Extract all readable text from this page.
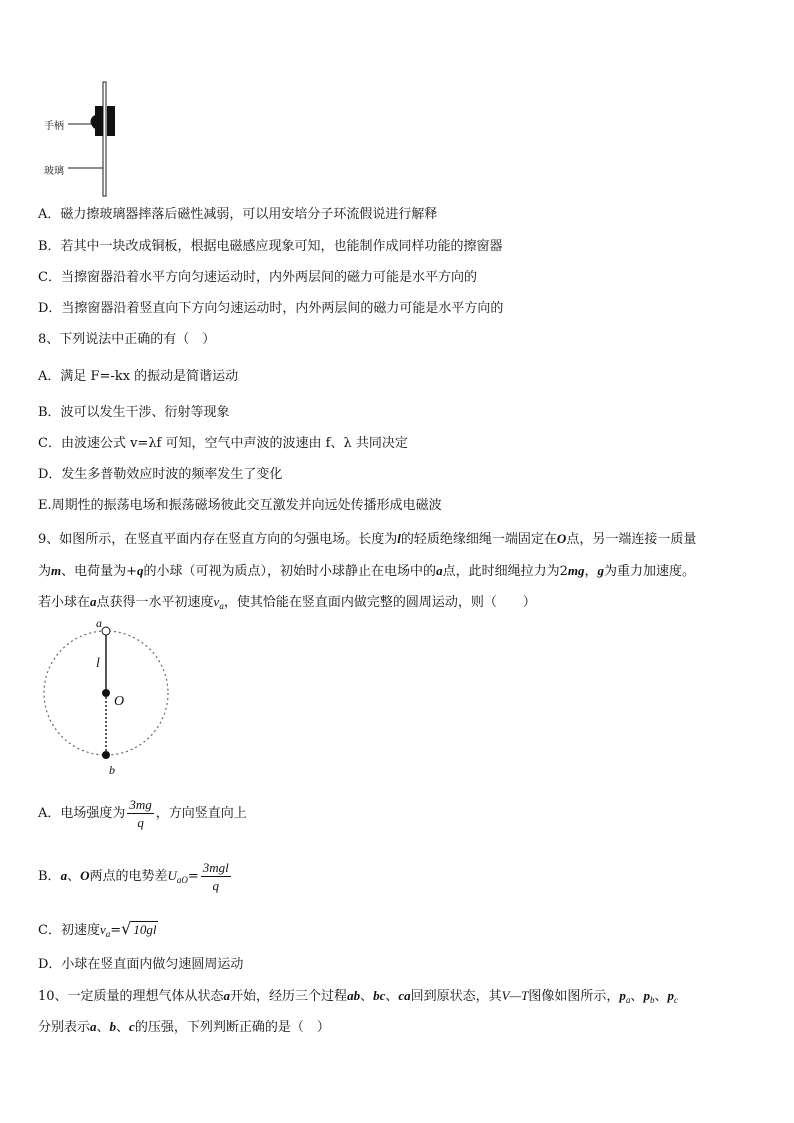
手柄
玻璃
A．磁力擦玻璃器摔落后磁性减弱，可以用安培分子环流假说进行解释
B．若其中一块改成铜板，根据电磁感应现象可知，也能制作成同样功能的擦窗器
C．当擦窗器沿着水平方向匀速运动时，内外两层间的磁力可能是水平方向的
D．当擦窗器沿着竖直向下方向匀速运动时，内外两层间的磁力可能是水平方向的
8、下列说法中正确的有（　）
A．满足 F=-kx 的振动是简谐运动
B．波可以发生干涉、衍射等现象
C．由波速公式 v=λf 可知，空气中声波的波速由 f、λ 共同决定
D．发生多普勒效应时波的频率发生了变化
E.周期性的振荡电场和振荡磁场彼此交互激发并向远处传播形成电磁波
9、如图所示，在竖直平面内存在竖直方向的匀强电场。长度为l的轻质绝缘细绳一端固定在O点，另一端连接一质量
为m、电荷量为+q的小球（可视为质点），初始时小球静止在电场中的a点，此时细绳拉力为2mg，g为重力加速度。
若小球在a点获得一水平初速度$v_a$，使其恰能在竖直面内做完整的圆周运动，则（　　）
a
l
O
b
A．电场强度为 $\frac{3mg}{q}$ ，方向竖直向上
B．a、O两点的电势差$U_{aO}= \frac{\text{3mgl}}{q}$
C．初速度$v_a=√$ 10gl
D．小球在竖直面内做匀速圆周运动
10、一定质量的理想气体从状态a开始，经历三个过程ab、bc、ca回到原状态，其V—T图像如图所示，$p_a$、$p_b$、$p_c$
分别表示a、b、c的压强，下列判断正确的是（　）
